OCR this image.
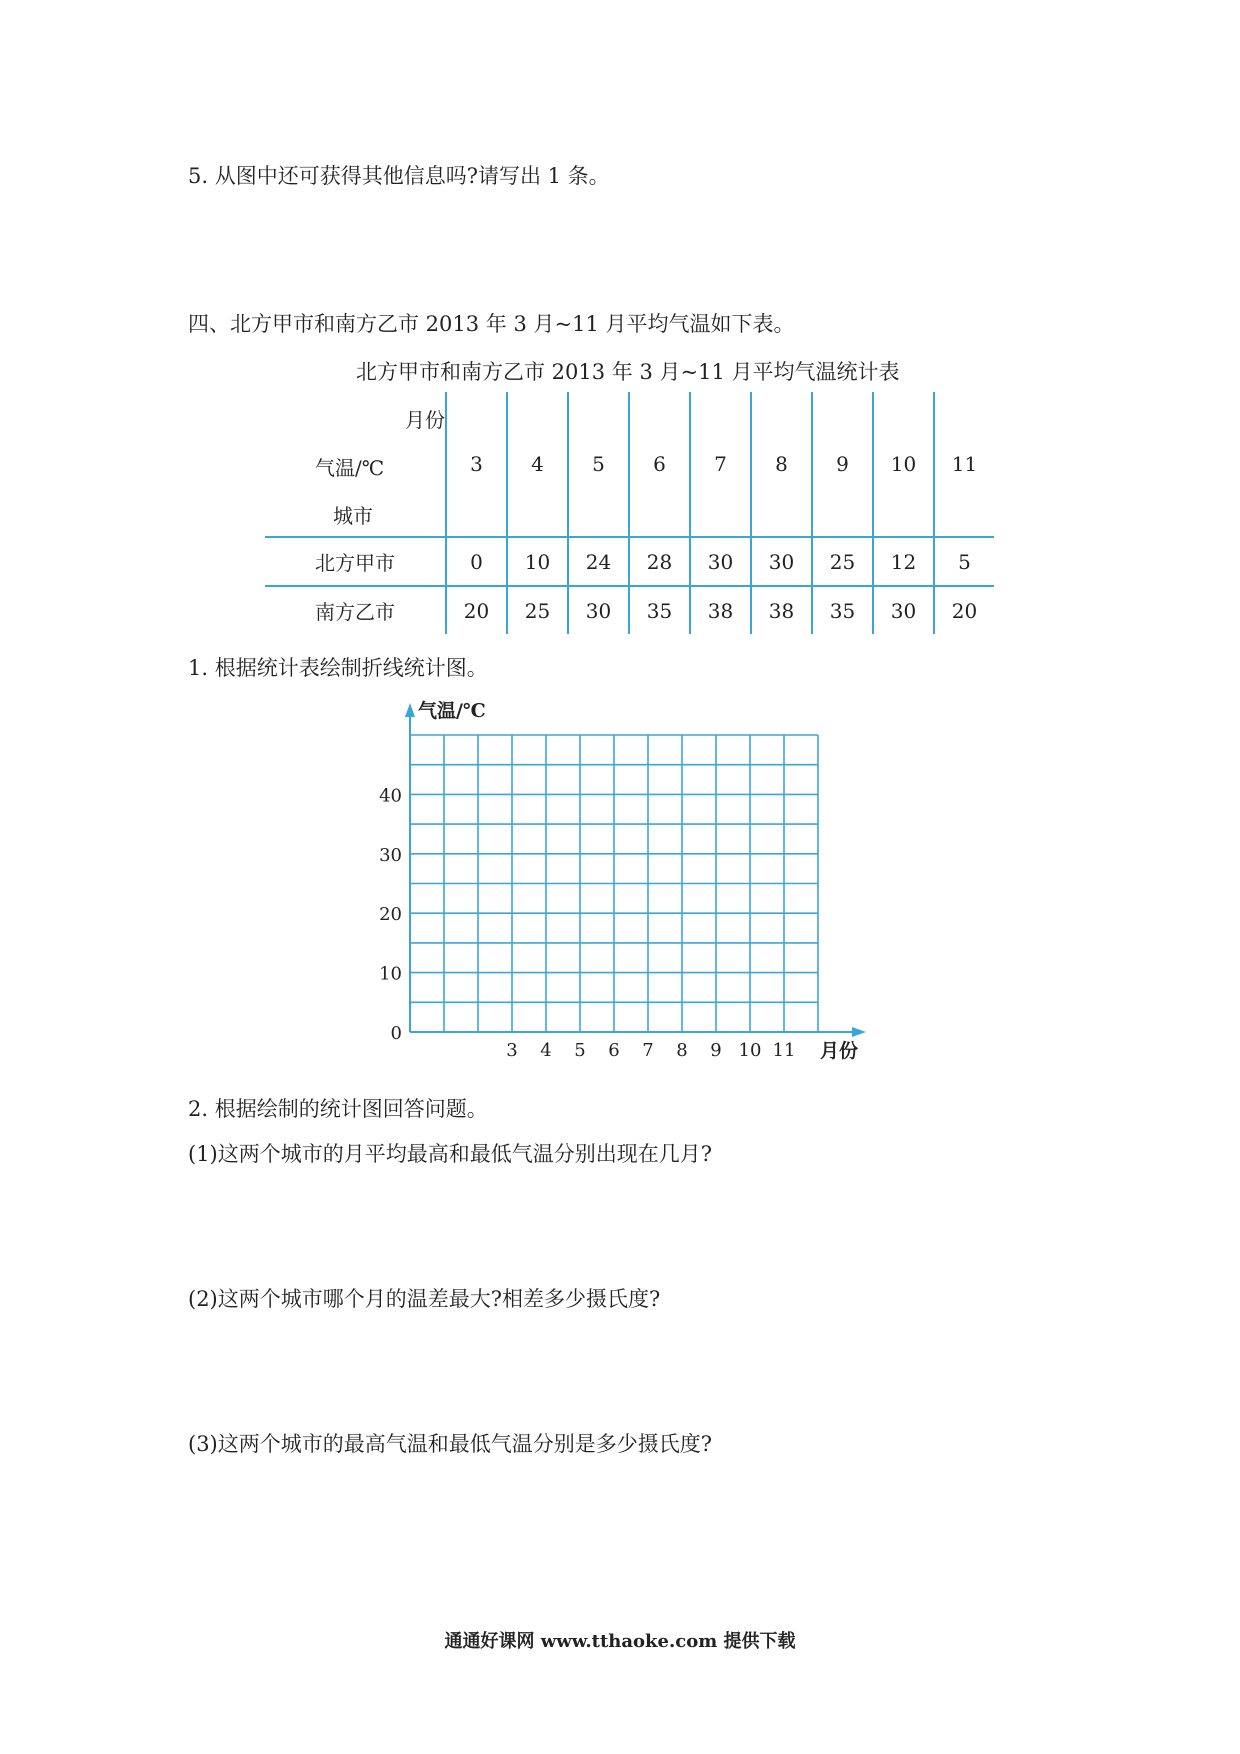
5. 从图中还可获得其他信息吗?请写出 1 条。
四、北方甲市和南方乙市 2013 年 3 月~11 月平均气温如下表。
北方甲市和南方乙市 2013 年 3 月~11 月平均气温统计表
月份
气温/℃
城市	3	4	5	6	7	8	9	10	11
北方甲市	0	10	24	28	30	30	25	12	5
南方乙市	20	25	30	35	38	38	35	30	20
1. 根据统计表绘制折线统计图。
0
10
20
30
40
3 4 5 6 7 8 9 10 11
气温/℃
月份
2. 根据绘制的统计图回答问题。
(1)这两个城市的月平均最高和最低气温分别出现在几月?
(2)这两个城市哪个月的温差最大?相差多少摄氏度?
(3)这两个城市的最高气温和最低气温分别是多少摄氏度?
通通好课网 www.tthaoke.com 提供下载
